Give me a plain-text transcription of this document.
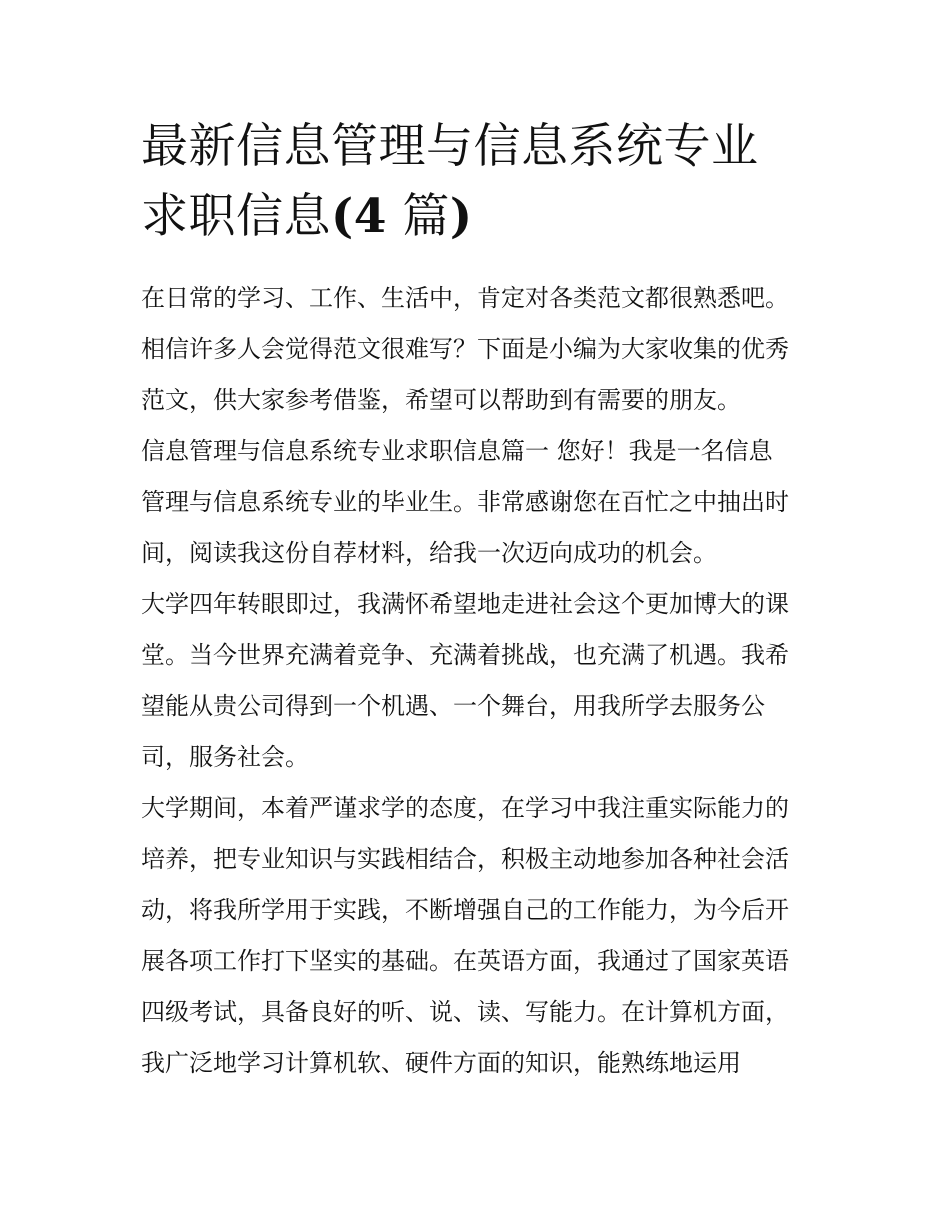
最新信息管理与信息系统专业
求职信息(4 篇)

在日常的学习、工作、生活中，肯定对各类范文都很熟悉吧。
相信许多人会觉得范文很难写？下面是小编为大家收集的优秀
范文，供大家参考借鉴，希望可以帮助到有需要的朋友。

信息管理与信息系统专业求职信息篇一 您好！我是一名信息
管理与信息系统专业的毕业生。非常感谢您在百忙之中抽出时
间，阅读我这份自荐材料，给我一次迈向成功的机会。

大学四年转眼即过，我满怀希望地走进社会这个更加博大的课
堂。当今世界充满着竞争、充满着挑战，也充满了机遇。我希
望能从贵公司得到一个机遇、一个舞台，用我所学去服务公
司，服务社会。

大学期间，本着严谨求学的态度，在学习中我注重实际能力的
培养，把专业知识与实践相结合，积极主动地参加各种社会活
动，将我所学用于实践，不断增强自己的工作能力，为今后开
展各项工作打下坚实的基础。在英语方面，我通过了国家英语
四级考试，具备良好的听、说、读、写能力。在计算机方面，
我广泛地学习计算机软、硬件方面的知识，能熟练地运用
